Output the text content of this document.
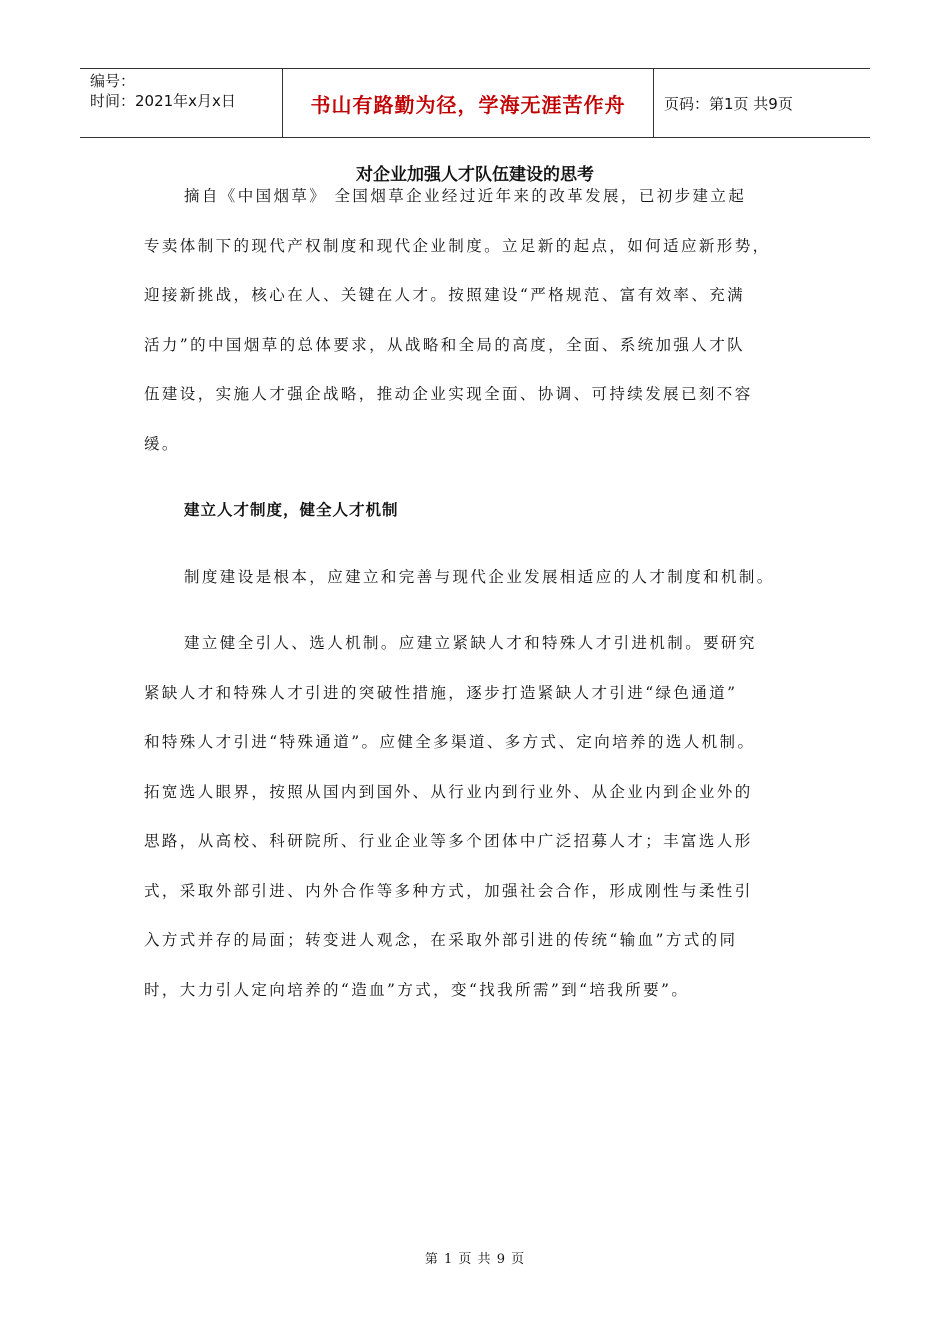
编号：
时间：2021年x月x日	书山有路勤为径，学海无涯苦作舟	页码：第1页 共9页
对企业加强人才队伍建设的思考
摘自《中国烟草》 全国烟草企业经过近年来的改革发展，已初步建立起
专卖体制下的现代产权制度和现代企业制度。立足新的起点，如何适应新形势，
迎接新挑战，核心在人、关键在人才。按照建设“严格规范、富有效率、充满
活力”的中国烟草的总体要求，从战略和全局的高度，全面、系统加强人才队
伍建设，实施人才强企战略，推动企业实现全面、协调、可持续发展已刻不容
缓。
建立人才制度，健全人才机制
制度建设是根本，应建立和完善与现代企业发展相适应的人才制度和机制。
建立健全引人、选人机制。应建立紧缺人才和特殊人才引进机制。要研究
紧缺人才和特殊人才引进的突破性措施，逐步打造紧缺人才引进“绿色通道”
和特殊人才引进“特殊通道”。应健全多渠道、多方式、定向培养的选人机制。
拓宽选人眼界，按照从国内到国外、从行业内到行业外、从企业内到企业外的
思路，从高校、科研院所、行业企业等多个团体中广泛招募人才；丰富选人形
式，采取外部引进、内外合作等多种方式，加强社会合作，形成刚性与柔性引
入方式并存的局面；转变进人观念，在采取外部引进的传统“输血”方式的同
时，大力引人定向培养的“造血”方式，变“找我所需”到“培我所要”。
第 1 页 共 9 页
